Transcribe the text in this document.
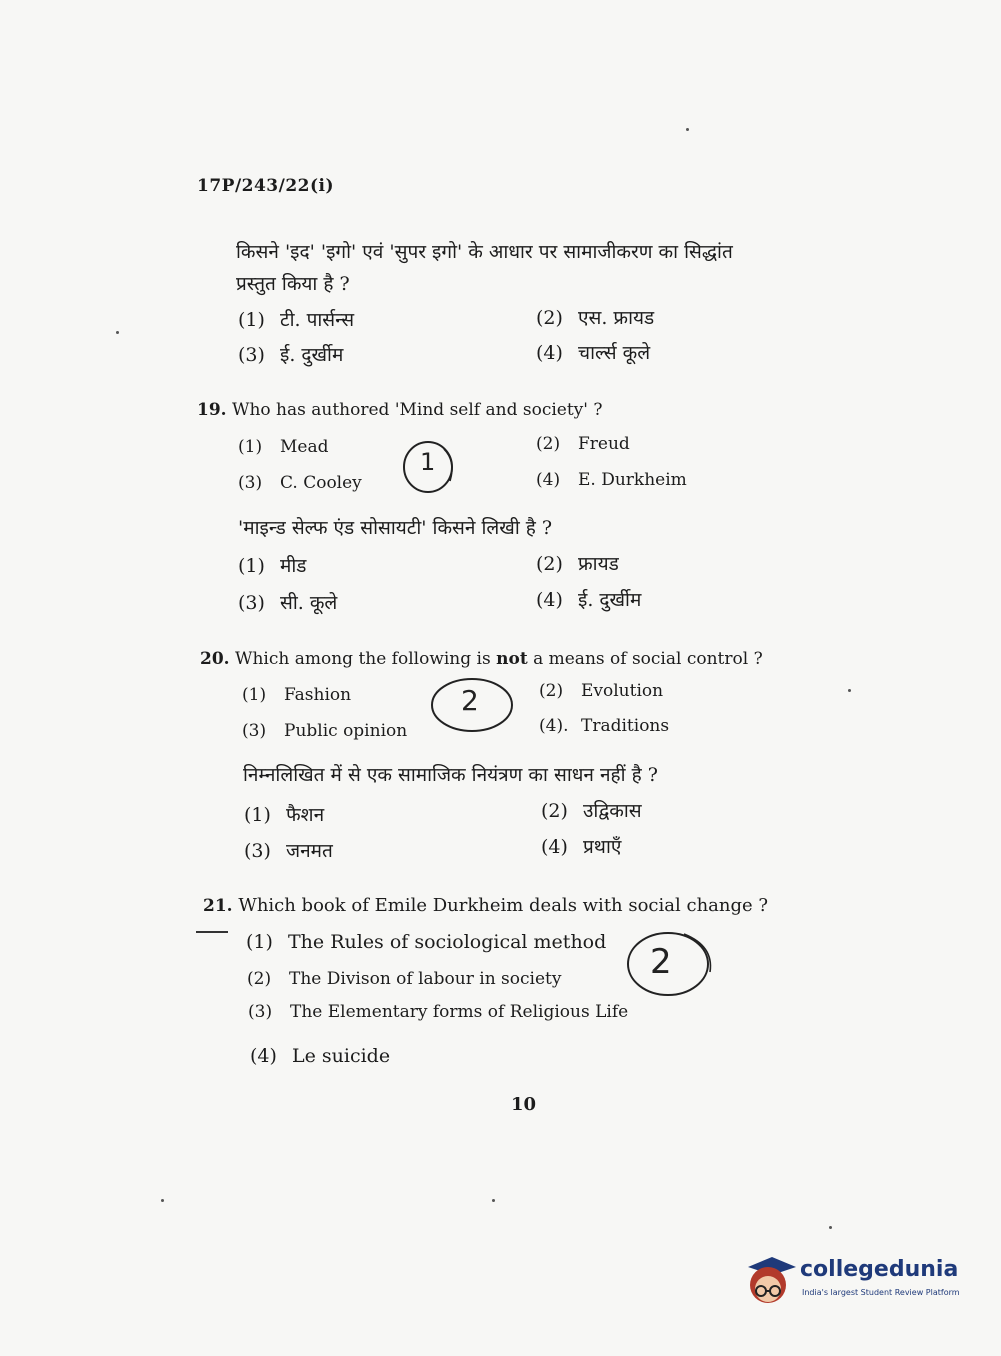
17P/243/22(i)
किसने 'इद' 'इगो' एवं 'सुपर इगो' के आधार पर सामाजीकरण का सिद्धांत
प्रस्तुत किया है ?
(1) टी. पार्सन्स	(2) एस. फ्रायड
(3) ई. दुर्खीम	(4) चार्ल्स कूले
19. Who has authored 'Mind self and society' ?
(1) Mead	(2) Freud
(3) C. Cooley	(4) E. Durkheim
1
'माइन्ड सेल्फ एंड सोसायटी' किसने लिखी है ?
(1) मीड	(2) फ्रायड
(3) सी. कूले	(4) ई. दुर्खीम
20. Which among the following is not a means of social control ?
(1) Fashion	(2) Evolution
(3) Public opinion	(4). Traditions
2
निम्नलिखित में से एक सामाजिक नियंत्रण का साधन नहीं है ?
(1) फैशन	(2) उद्विकास
(3) जनमत	(4) प्रथाएँ
21. Which book of Emile Durkheim deals with social change ?
(1) The Rules of sociological method
(2) The Divison of labour in society
(3) The Elementary forms of Religious Life
(4) Le suicide
2
10
collegedunia
India's largest Student Review Platform
